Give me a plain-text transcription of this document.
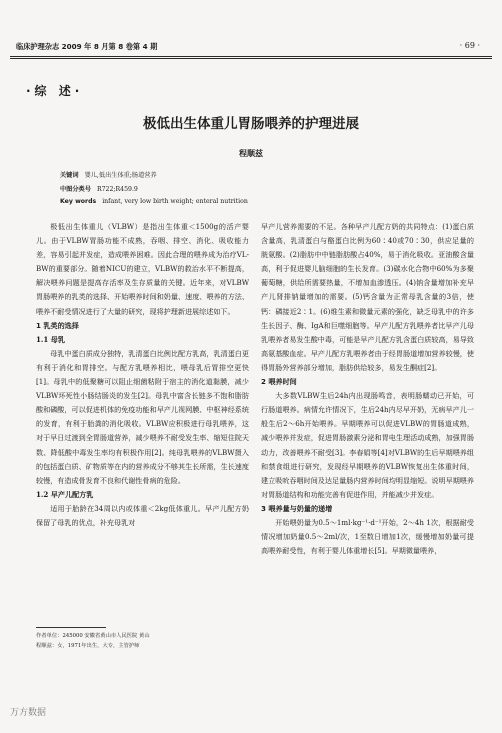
临床护理杂志 2009 年 8 月第 8 卷第 4 期	· 69 ·
·综 述·
极低出生体重儿胃肠喂养的护理进展
程顺兹
关键词 婴儿,低出生体重;肠道营养
中图分类号 R722;R459.9
Key words infant, very low birth weight; enteral nutrition

极低出生体重儿（VLBW）是指出生体重＜1500g的活产婴儿。由于VLBW胃肠功能不成熟，吞咽、排空、消化、吸收能力差，容易引起并发症，造成喂养困难。因此合理的喂养成为治疗VL-BW的重要部分。随着NICU的建立，VLBW的救治水平不断提高，解决喂养问题是提高存活率及生存质量的关键。近年来，对VLBW胃肠喂养的乳类的选择、开始喂养时间和奶量、速度、喂养的方法、喂养不耐受情况进行了大量的研究，现将护理新进展综述如下。

1 乳类的选择
1.1 母乳

母乳中蛋白质成分独特，乳清蛋白比例比配方乳高，乳清蛋白更有利于消化和胃排空。与配方乳喂养相比，喂母乳后胃排空更快[1]。母乳中的低聚糖可以阻止细菌粘附于宿主的消化道黏膜，减少VLBW坏死性小肠结肠炎的发生[2]。母乳中富含长链多不饱和脂肪酸和磷酸，可以促进机体的免疫功能和早产儿视网膜、中枢神经系统的发育，有利于胎粪的消化吸收。VLBW应积极进行母乳喂养，这对于早日过渡到全胃肠道营养，减少喂养不耐受发生率、缩短住院天数、降低酸中毒发生率均有积极作用[2]。纯母乳喂养的VLBW摄入的包括蛋白质、矿物质等在内的营养成分不够其生长所需，生长速度较慢，有造成骨发育不良和代谢性骨病的危险。

1.2 早产儿配方乳

适用于胎龄在34周以内或体重＜2kg低体重儿。早产儿配方奶保留了母乳的优点，补充母乳对

早产儿营养需要的不足。各种早产儿配方奶的共同特点：(1)蛋白质含量高，乳清蛋白与酪蛋白比例为60∶40或70∶30，供应足量的胱氨酸。(2)脂肪中中链脂肪酸占40%，易于消化吸收。亚油酸含量高，利于促进婴儿脑细胞的生长发育。(3)碳水化合物中60%为多聚葡萄糖，供给所需要热量，不增加血渗透压。(4)钠含量增加补充早产儿肾排钠量增加的需要。(5)钙含量为正常母乳含量的3倍，使钙：磷接近2∶1。(6)维生素和微量元素的强化，缺乏母乳中的许多生长因子、酶、IgA和巨噬细胞等。早产儿配方乳喂养者比早产儿母乳喂养者易发生酸中毒，可能是早产儿配方乳含蛋白质较高，易导致高氨基酸血症。早产儿配方乳喂养者由于经胃肠道增加营养较慢，使得胃肠外营养部分增加，脂肪供给较多，易发生酮症[2]。

2 喂养时间

大多数VLBW生后24h内出现肠鸣音，表明肠蠕动已开始，可行肠道喂养。病情允许情况下，生后24h内尽早开奶，无病早产儿一般生后2～6h开始喂养。早期喂养可以促进VLBW的胃肠道成熟，减少喂养并发症，促进胃肠激素分泌和胃电生理活动成熟，加强胃肠动力，改善喂养不耐受[3]。李春娟等[4]对VLBW的生后早期喂养组和禁食组进行研究，发现经早期喂养的VLBW恢复出生体重时间，建立吸吮吞咽时间及达足量肠内营养时间均明显缩短。说明早期喂养对胃肠道结构和功能完善有促进作用，并能减少并发症。

3 喂养量与奶量的递增

开始喂奶量为0.5～1ml·kg⁻¹·d⁻¹开始，2～4h 1次，根据耐受情况增加奶量0.5～2ml/次，1至数日增加1次，缓慢增加奶量可提高喂养耐受性，有利于婴儿体重增长[5]。早期微量喂养，

作者单位：245000 安徽省黄山市人民医院 黄山
程顺兹：女，1971年出生，大专，主管护师
万方数据
